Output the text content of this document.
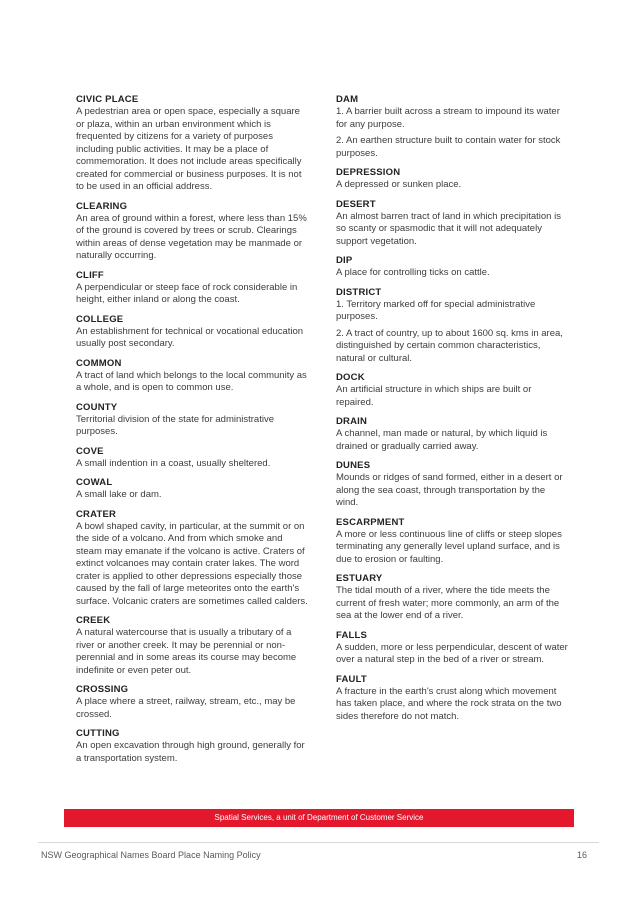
CIVIC PLACE

A pedestrian area or open space, especially a square or plaza, within an urban environment which is frequented by citizens for a variety of purposes including public activities. It may be a place of commemoration. It does not include areas specifically created for commercial or business purposes. It is not to be used in an official address.

CLEARING

An area of ground within a forest, where less than 15% of the ground is covered by trees or scrub. Clearings within areas of dense vegetation may be manmade or naturally occurring.

CLIFF

A perpendicular or steep face of rock considerable in height, either inland or along the coast.

COLLEGE

An establishment for technical or vocational education usually post secondary.

COMMON

A tract of land which belongs to the local community as a whole, and is open to common use.

COUNTY

Territorial division of the state for administrative purposes.

COVE

A small indention in a coast, usually sheltered.

COWAL

A small lake or dam.

CRATER

A bowl shaped cavity, in particular, at the summit or on the side of a volcano. And from which smoke and steam may emanate if the volcano is active. Craters of extinct volcanoes may contain crater lakes. The word crater is applied to other depressions especially those caused by the fall of large meteorites onto the earth's surface. Volcanic craters are sometimes called calders.

CREEK

A natural watercourse that is usually a tributary of a river or another creek. It may be perennial or non-perennial and in some areas its course may become indefinite or even peter out.

CROSSING

A place where a street, railway, stream, etc., may be crossed.

CUTTING

An open excavation through high ground, generally for a transportation system.

DAM

1. A barrier built across a stream to impound its water for any purpose.

2. An earthen structure built to contain water for stock purposes.

DEPRESSION

A depressed or sunken place.

DESERT

An almost barren tract of land in which precipitation is so scanty or spasmodic that it will not adequately support vegetation.

DIP

A place for controlling ticks on cattle.

DISTRICT

1. Territory marked off for special administrative purposes.

2. A tract of country, up to about 1600 sq. kms in area, distinguished by certain common characteristics, natural or cultural.

DOCK

An artificial structure in which ships are built or repaired.

DRAIN

A channel, man made or natural, by which liquid is drained or gradually carried away.

DUNES

Mounds or ridges of sand formed, either in a desert or along the sea coast, through transportation by the wind.

ESCARPMENT

A more or less continuous line of cliffs or steep slopes terminating any generally level upland surface, and is due to erosion or faulting.

ESTUARY

The tidal mouth of a river, where the tide meets the current of fresh water; more commonly, an arm of the sea at the lower end of a river.

FALLS

A sudden, more or less perpendicular, descent of water over a natural step in the bed of a river or stream.

FAULT

A fracture in the earth's crust along which movement has taken place, and where the rock strata on the two sides therefore do not match.

Spatial Services, a unit of Department of Customer Service
NSW Geographical Names Board Place Naming Policy	16
